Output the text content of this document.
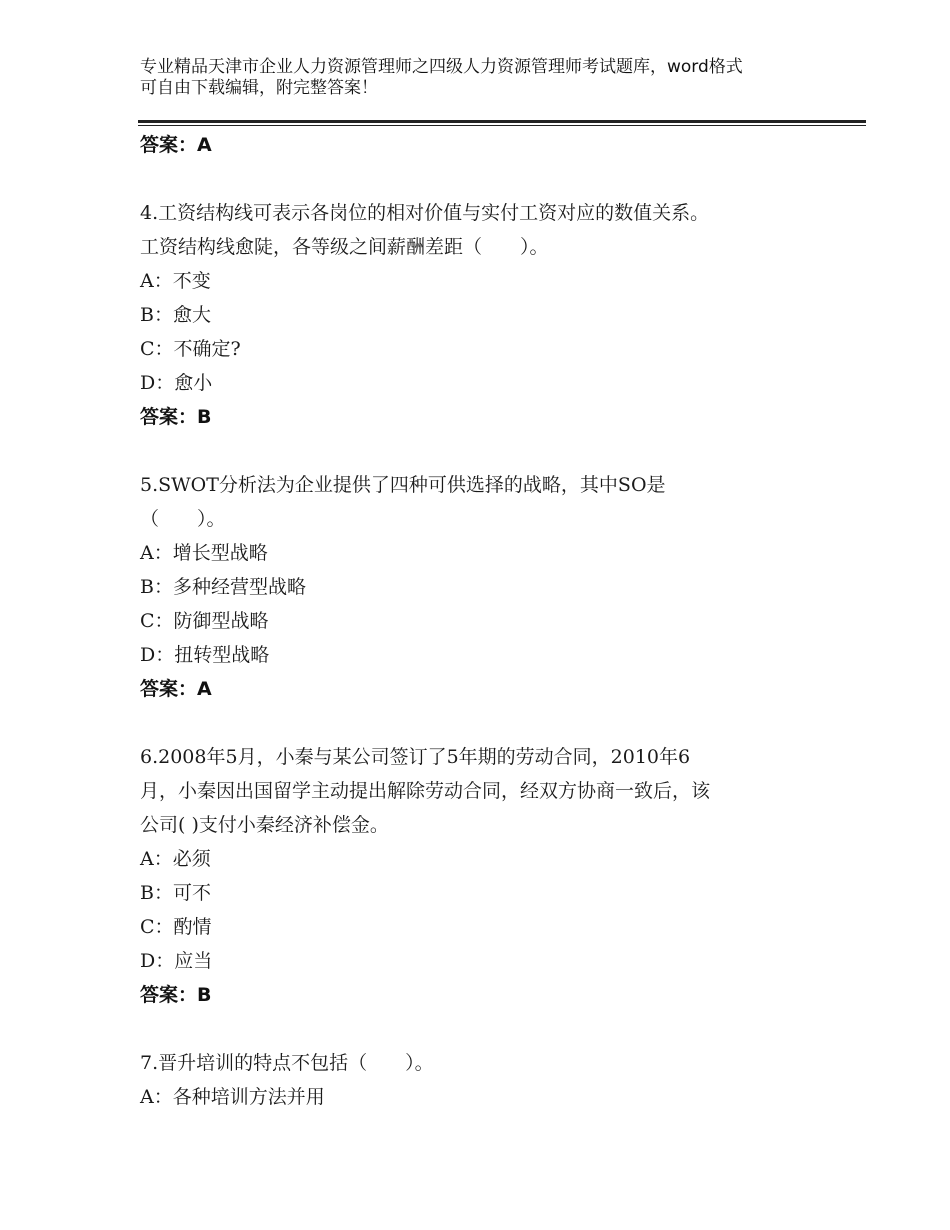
专业精品天津市企业人力资源管理师之四级人力资源管理师考试题库，word格式
可自由下载编辑，附完整答案！
答案：A
4.工资结构线可表示各岗位的相对价值与实付工资对应的数值关系。
工资结构线愈陡，各等级之间薪酬差距（　　）。
A：不变
B：愈大
C：不确定?
D：愈小
答案：B
5.SWOT分析法为企业提供了四种可供选择的战略，其中SO是
（　　）。
A：增长型战略
B：多种经营型战略
C：防御型战略
D：扭转型战略
答案：A
6.2008年5月，小秦与某公司签订了5年期的劳动合同，2010年6
月，小秦因出国留学主动提出解除劳动合同，经双方协商一致后，该
公司( )支付小秦经济补偿金。
A：必须
B：可不
C：酌情
D：应当
答案：B
7.晋升培训的特点不包括（　　）。
A：各种培训方法并用
